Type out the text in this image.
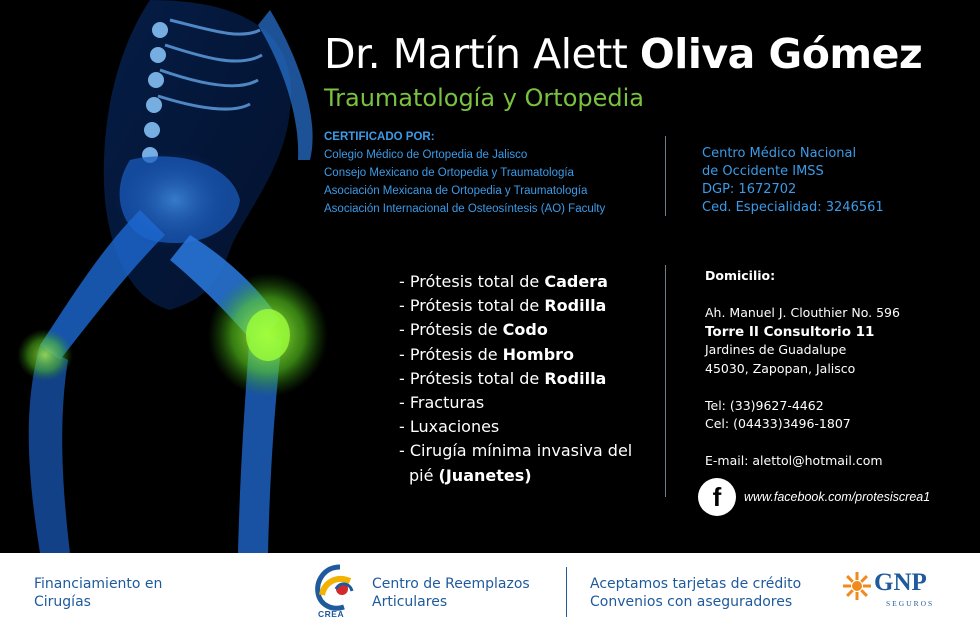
Dr. Martín Alett Oliva Gómez
Traumatología y Ortopedia
CERTIFICADO POR:
Colegio Médico de Ortopedia de Jalisco
Consejo Mexicano de Ortopedia y Traumatología
Asociación Mexicana de Ortopedia y Traumatología
Asociación Internacional de Osteosíntesis (AO) Faculty
Centro Médico Nacional
de Occidente IMSS
DGP: 1672702
Ced. Especialidad: 3246561
- Prótesis total de Cadera
- Prótesis total de Rodilla
- Prótesis de Codo
- Prótesis de Hombro
- Prótesis total de Rodilla
- Fracturas
- Luxaciones
- Cirugía mínima invasiva del
pié (Juanetes)
Domicilio:
Ah. Manuel J. Clouthier No. 596
Torre II Consultorio 11
Jardines de Guadalupe
45030, Zapopan, Jalisco
Tel: (33)9627-4462
Cel: (04433)3496-1807
E-mail: alettol@hotmail.com
f	www.facebook.com/protesiscrea1
Financiamiento en
Cirugías
CREA
Centro de Reemplazos
Articulares
Aceptamos tarjetas de crédito
Convenios con aseguradores
GNP
SEGUROS
